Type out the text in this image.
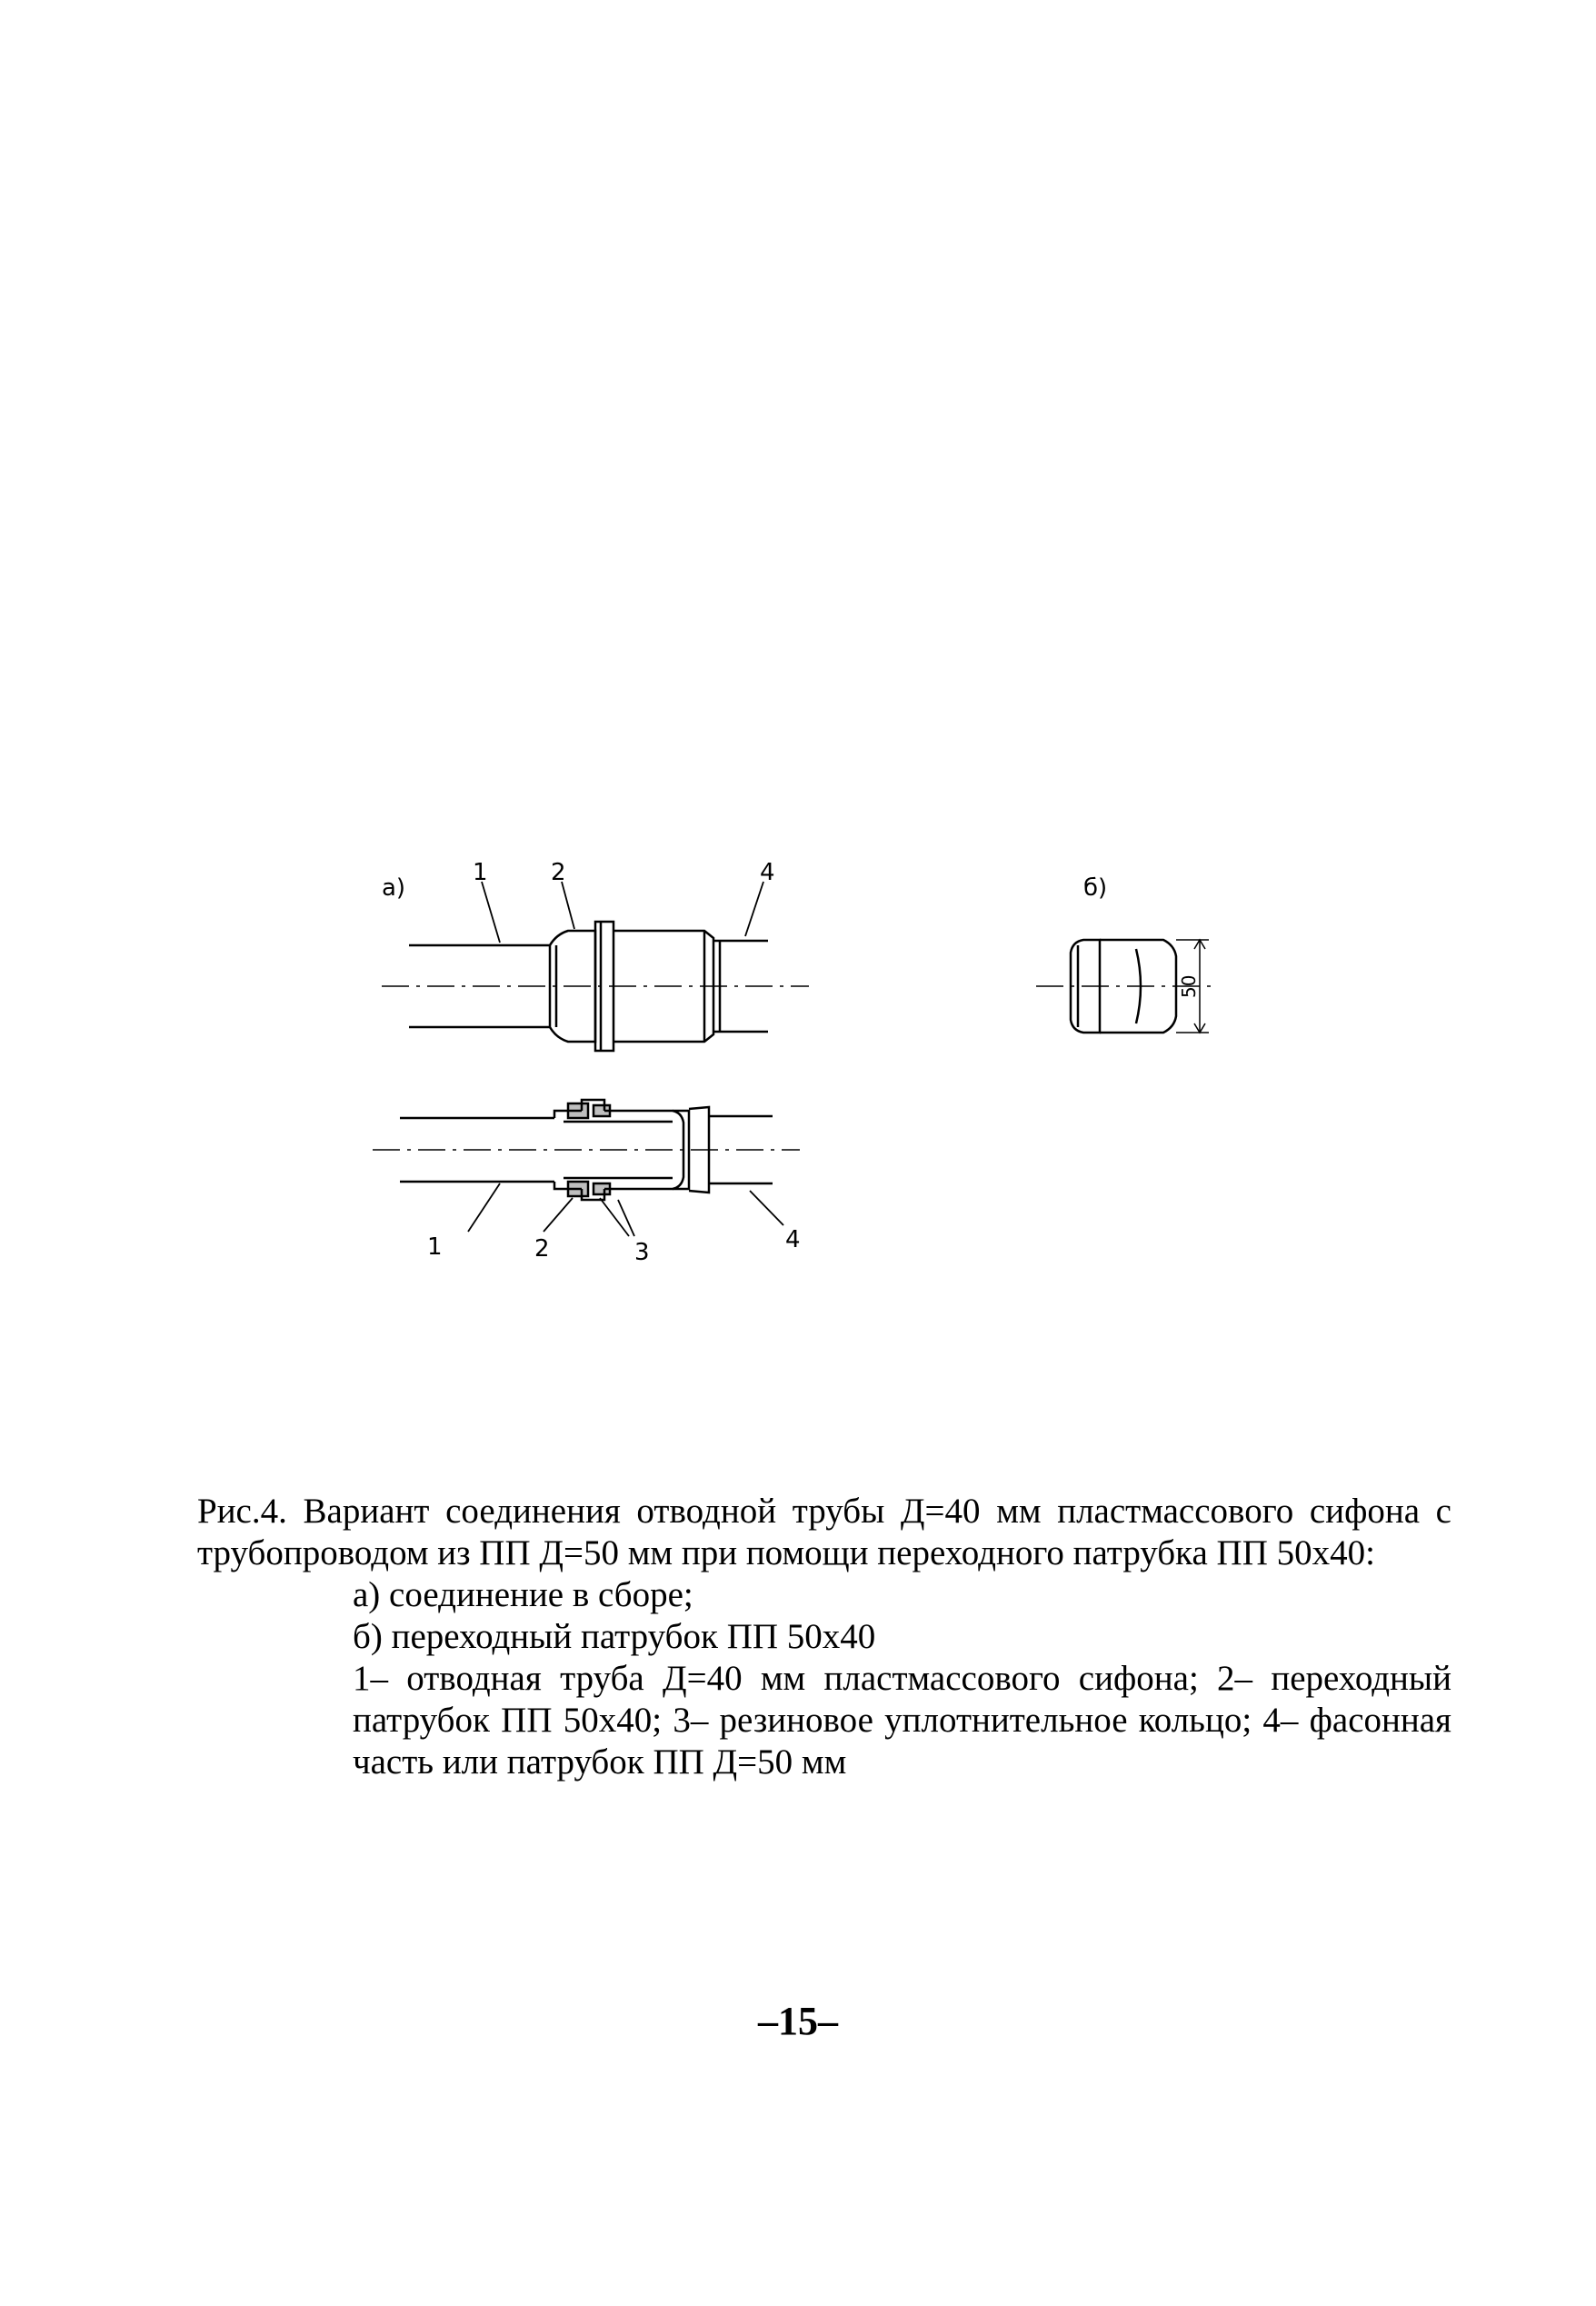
а)
1	2	4
1	2	3	4
б)
50

Рис.4. Вариант соединения отводной трубы Д=40 мм пластмассового сифона с трубопроводом из ПП Д=50 мм при помощи переходного патрубка ПП 50х40:

а) соединение в сборе;

б) переходный патрубок ПП 50х40

1– отводная труба Д=40 мм пластмассового сифона; 2– переходный патрубок ПП 50х40; 3– резиновое уплотнительное кольцо; 4– фасонная часть или патрубок ПП Д=50 мм

–15–
